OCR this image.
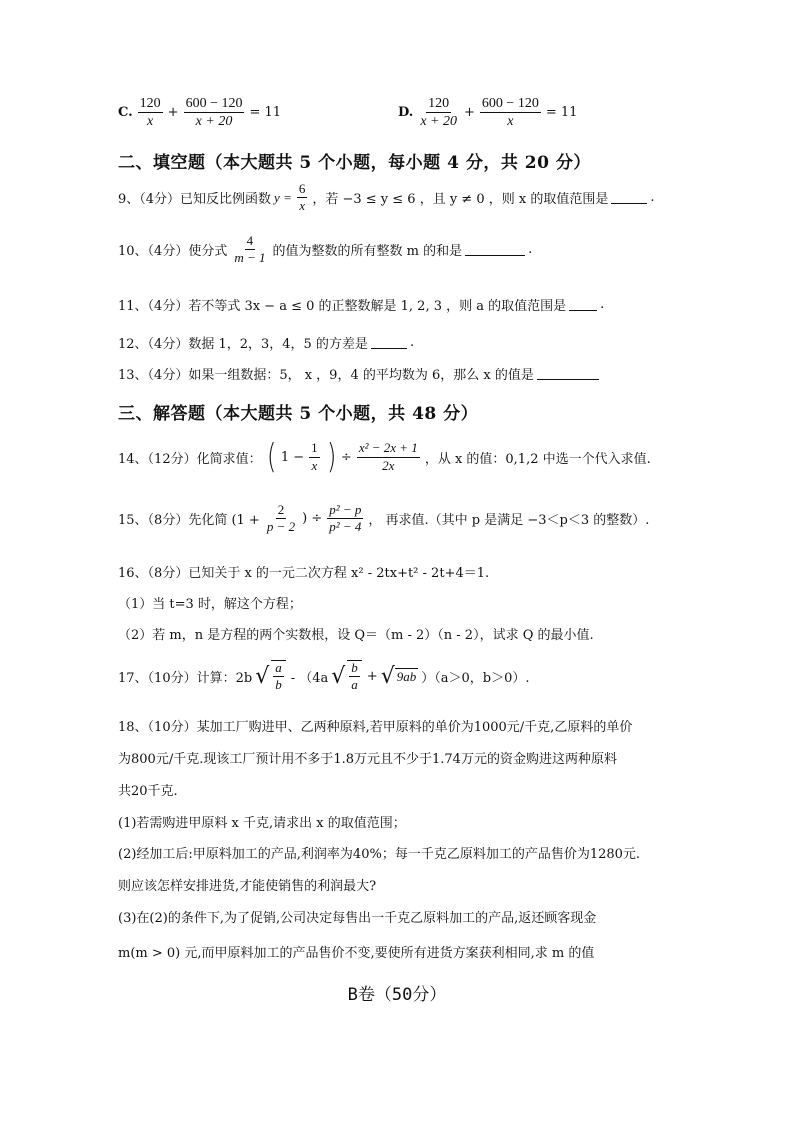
C. $\frac{120}{x} + \frac{600 - 120}{x + 20} = 11$	D. $\frac{120}{x + 20} + \frac{600 - 120}{x} = 11$
二、填空题（本大题共 5 个小题，每小题 4 分，共 20 分）
9、（4分）已知反比例函数 $y = \frac{6}{x}$ ，若 −3 ≤ y ≤ 6 ，且 y ≠ 0 ，则 x 的取值范围是	.
10、（4分）使分式 $\frac{4}{m - 1}$ 的值为整数的所有整数 m 的和是	.
11、（4分）若不等式 3x − a ≤ 0 的正整数解是 1, 2, 3 ，则 a 的取值范围是	.
12、（4分）数据 1，2，3，4，5 的方差是	.
13、（4分）如果一组数据：5， x ，9，4 的平均数为 6，那么 x 的值是
三、解答题（本大题共 5 个小题，共 48 分）
14、（12分）化简求值： ( $1 - \frac{1}{x}$ ) ÷ $\frac{\text{x² − 2x + 1}}{2x}$ ，从 x 的值：0,1,2 中选一个代入求值.
15、（8分）先化简 ($1 + \frac{2}{p - 2}$ ) ÷ $\frac{\text{p² − p}}{\text{p² − 4}}$ ， 再求值.（其中 p 是满足 −3＜p＜3 的整数）.
16、（8分）已知关于 x 的一元二次方程 x² - 2tx+t² - 2t+4＝1.
（1）当 t=3 时，解这个方程；
（2）若 m，n 是方程的两个实数根，设 Q＝（m - 2）（n - 2），试求 Q 的最小值.
17、（10分）计算：2b √ $\frac{a}{b} - (4a$ √ $\frac{b}{a}$ + √ 9ab ）（a＞0，b＞0）.
18、（10分）某加工厂购进甲、乙两种原料,若甲原料的单价为1000元/千克,乙原料的单价
为800元/千克.现该工厂预计用不多于1.8万元且不少于1.74万元的资金购进这两种原料
共20千克.
(1)若需购进甲原料 x 千克,请求出 x 的取值范围；
(2)经加工后:甲原料加工的产品,利润率为40%；每一千克乙原料加工的产品售价为1280元.
则应该怎样安排进货,才能使销售的利润最大?
(3)在(2)的条件下,为了促销,公司决定每售出一千克乙原料加工的产品,返还顾客现金
m(m > 0) 元,而甲原料加工的产品售价不变,要使所有进货方案获利相同,求 m 的值
B卷（50分）
